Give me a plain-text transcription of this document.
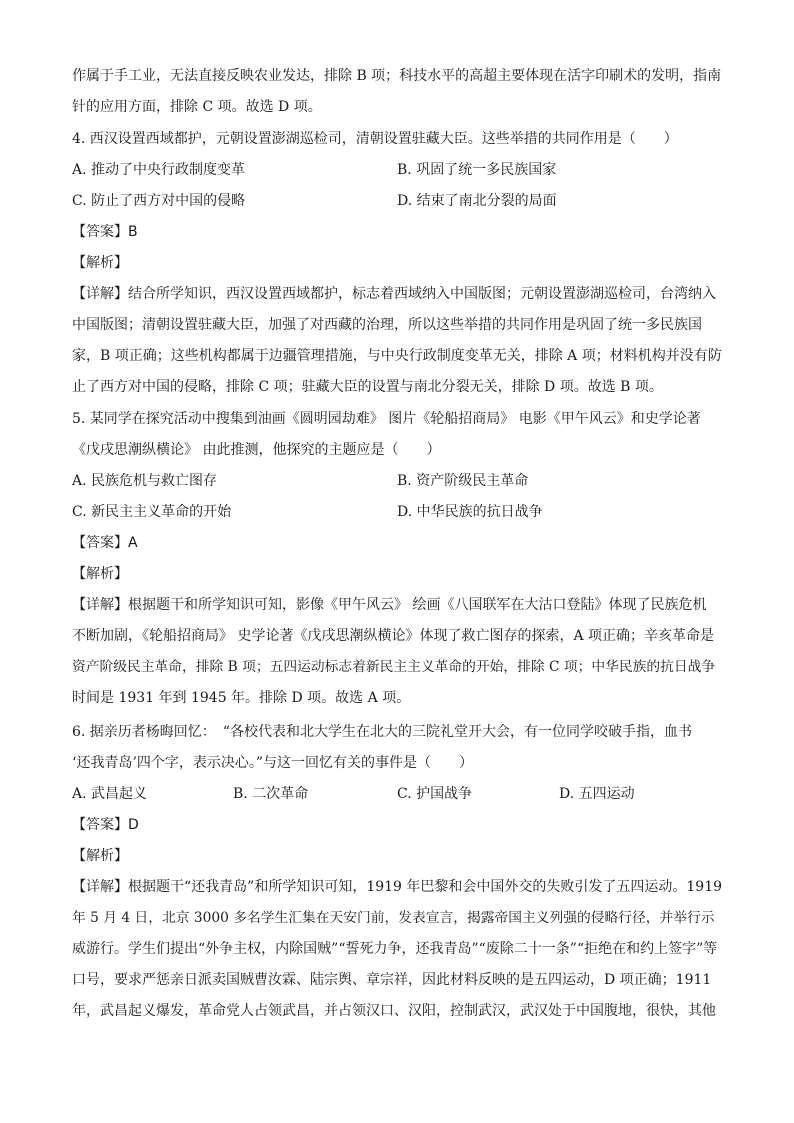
作属于手工业，无法直接反映农业发达，排除 B 项；科技水平的高超主要体现在活字印刷术的发明，指南
针的应用方面，排除 C 项。故选 D 项。
4. 西汉设置西域都护，元朝设置澎湖巡检司，清朝设置驻藏大臣。这些举措的共同作用是（　　）
A. 推动了中央行政制度变革	B. 巩固了统一多民族国家
C. 防止了西方对中国的侵略	D. 结束了南北分裂的局面
【答案】B
【解析】
【详解】结合所学知识，西汉设置西域都护，标志着西域纳入中国版图；元朝设置澎湖巡检司，台湾纳入
中国版图；清朝设置驻藏大臣，加强了对西藏的治理，所以这些举措的共同作用是巩固了统一多民族国
家，B 项正确；这些机构都属于边疆管理措施，与中央行政制度变革无关，排除 A 项；材料机构并没有防
止了西方对中国的侵略，排除 C 项；驻藏大臣的设置与南北分裂无关，排除 D 项。故选 B 项。
5. 某同学在探究活动中搜集到油画《圆明园劫难》 图片《轮船招商局》 电影《甲午风云》和史学论著
《戊戌思潮纵横论》 由此推测，他探究的主题应是（　　）
A. 民族危机与救亡图存	B. 资产阶级民主革命
C. 新民主主义革命的开始	D. 中华民族的抗日战争
【答案】A
【解析】
【详解】根据题干和所学知识可知，影像《甲午风云》 绘画《八国联军在大沽口登陆》体现了民族危机
不断加剧，《轮船招商局》 史学论著《戊戌思潮纵横论》体现了救亡图存的探索，A 项正确；辛亥革命是
资产阶级民主革命，排除 B 项；五四运动标志着新民主主义革命的开始，排除 C 项；中华民族的抗日战争
时间是 1931 年到 1945 年。排除 D 项。故选 A 项。
6. 据亲历者杨晦回忆：　“各校代表和北大学生在北大的三院礼堂开大会，有一位同学咬破手指，血书
‘还我青岛’四个字，表示决心。”与这一回忆有关的事件是（　　）
A. 武昌起义	B. 二次革命	C. 护国战争	D. 五四运动
【答案】D
【解析】
【详解】根据题干“还我青岛”和所学知识可知，1919 年巴黎和会中国外交的失败引发了五四运动。1919
年 5 月 4 日，北京 3000 多名学生汇集在天安门前，发表宣言，揭露帝国主义列强的侵略行径，并举行示
威游行。学生们提出“外争主权，内除国贼”“誓死力争，还我青岛”“废除二十一条”“拒绝在和约上签字”等
口号，要求严惩亲日派卖国贼曹汝霖、陆宗舆、章宗祥，因此材料反映的是五四运动，D 项正确；1911
年，武昌起义爆发，革命党人占领武昌，并占领汉口、汉阳，控制武汉，武汉处于中国腹地，很快，其他
